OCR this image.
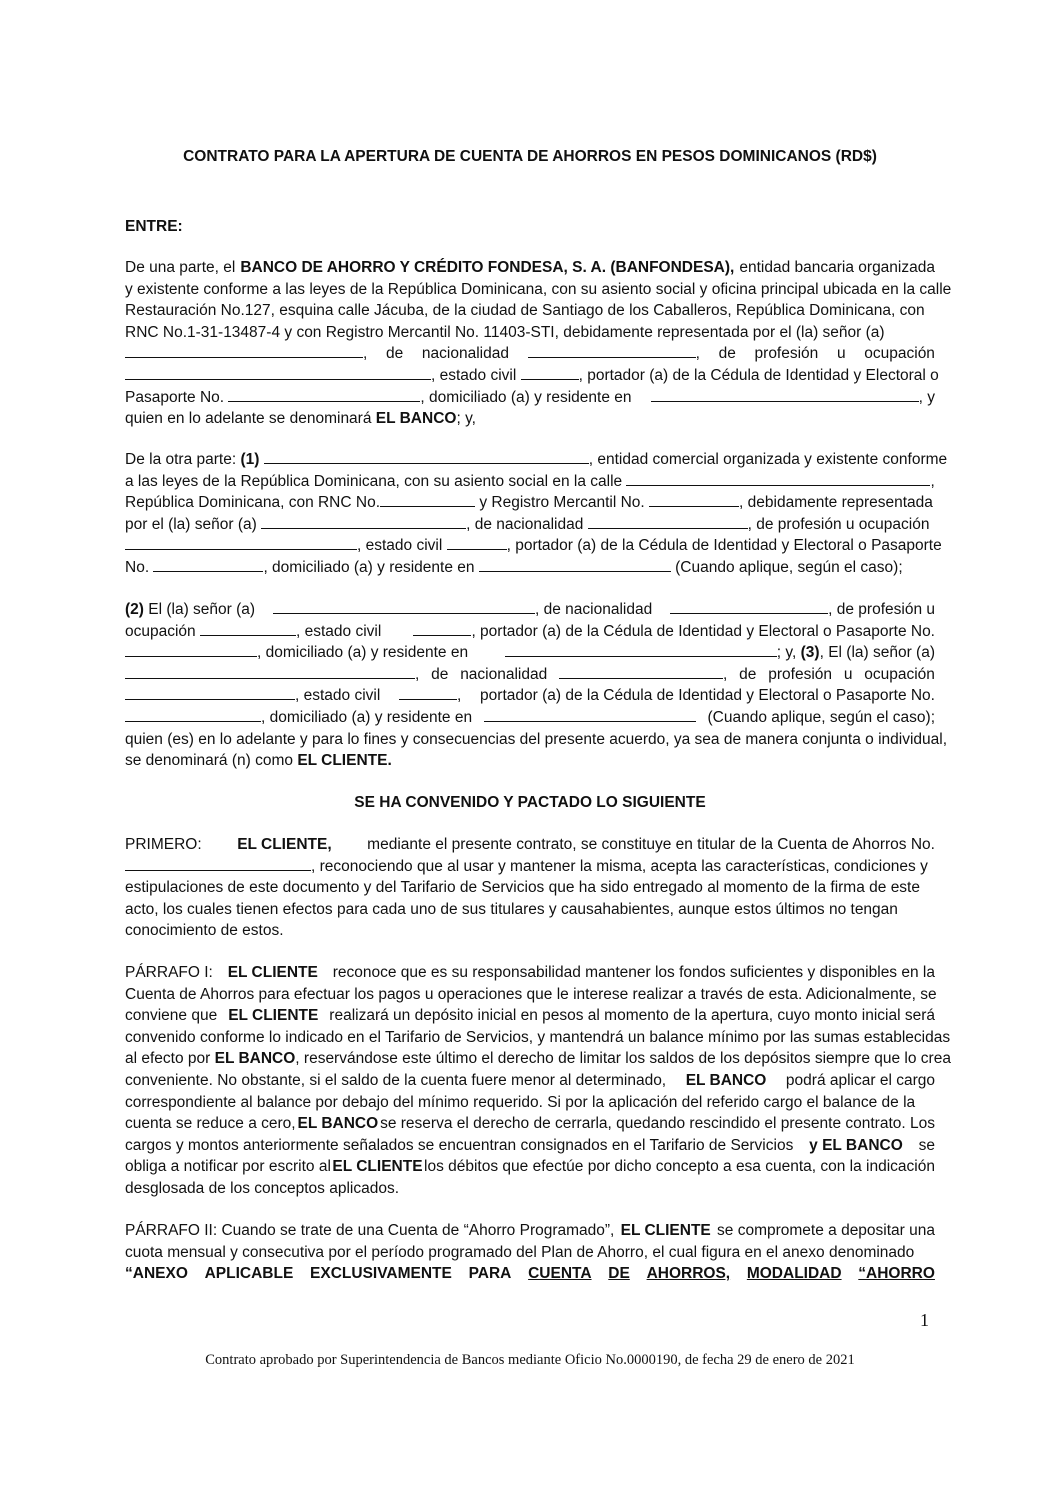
CONTRATO PARA LA APERTURA DE CUENTA DE AHORROS EN PESOS DOMINICANOS (RD$)
ENTRE:
De una parte, el BANCO DE AHORRO Y CRÉDITO FONDESA, S. A. (BANFONDESA), entidad bancaria organizada
y existente conforme a las leyes de la República Dominicana, con su asiento social y oficina principal ubicada en la calle
Restauración No.127, esquina calle Jácuba, de la ciudad de Santiago de los Caballeros, República Dominicana, con
RNC No.1-31-13487-4 y con Registro Mercantil No. 11403-STI, debidamente representada por el (la) señor (a)
, de nacionalidad	, de profesión u ocupación
, estado civil	, portador (a) de la Cédula de Identidad y Electoral o
Pasaporte No.	, domiciliado (a) y residente en	, y
quien en lo adelante se denominará EL BANCO; y,
De la otra parte: (1)	, entidad comercial organizada y existente conforme
a las leyes de la República Dominicana, con su asiento social en la calle	,
República Dominicana, con RNC No.	y Registro Mercantil No.	, debidamente representada
por el (la) señor (a)	, de nacionalidad	, de profesión u ocupación
, estado civil	, portador (a) de la Cédula de Identidad y Electoral o Pasaporte
No.	, domiciliado (a) y residente en	(Cuando aplique, según el caso);
(2) El (la) señor (a)	, de nacionalidad	, de profesión u
ocupación	, estado civil	, portador (a) de la Cédula de Identidad y Electoral o Pasaporte No.
, domiciliado (a) y residente en	; y, (3), El (la) señor (a)
, de nacionalidad	, de profesión u ocupación
, estado civil	, portador (a) de la Cédula de Identidad y Electoral o Pasaporte No.
, domiciliado (a) y residente en	(Cuando aplique, según el caso);
quien (es) en lo adelante y para lo fines y consecuencias del presente acuerdo, ya sea de manera conjunta o individual,
se denominará (n) como EL CLIENTE.
SE HA CONVENIDO Y PACTADO LO SIGUIENTE
PRIMERO: EL CLIENTE, mediante el presente contrato, se constituye en titular de la Cuenta de Ahorros No.
, reconociendo que al usar y mantener la misma, acepta las características, condiciones y
estipulaciones de este documento y del Tarifario de Servicios que ha sido entregado al momento de la firma de este
acto, los cuales tienen efectos para cada uno de sus titulares y causahabientes, aunque estos últimos no tengan
conocimiento de estos.
PÁRRAFO I: EL CLIENTE reconoce que es su responsabilidad mantener los fondos suficientes y disponibles en la
Cuenta de Ahorros para efectuar los pagos u operaciones que le interese realizar a través de esta. Adicionalmente, se
conviene que EL CLIENTE realizará un depósito inicial en pesos al momento de la apertura, cuyo monto inicial será
convenido conforme lo indicado en el Tarifario de Servicios, y mantendrá un balance mínimo por las sumas establecidas
al efecto por EL BANCO, reservándose este último el derecho de limitar los saldos de los depósitos siempre que lo crea
conveniente. No obstante, si el saldo de la cuenta fuere menor al determinado, EL BANCO podrá aplicar el cargo
correspondiente al balance por debajo del mínimo requerido. Si por la aplicación del referido cargo el balance de la
cuenta se reduce a cero, EL BANCO se reserva el derecho de cerrarla, quedando rescindido el presente contrato. Los
cargos y montos anteriormente señalados se encuentran consignados en el Tarifario de Servicios y EL BANCO se
obliga a notificar por escrito al EL CLIENTE los débitos que efectúe por dicho concepto a esa cuenta, con la indicación
desglosada de los conceptos aplicados.
PÁRRAFO II: Cuando se trate de una Cuenta de “Ahorro Programado”, EL CLIENTE se compromete a depositar una
cuota mensual y consecutiva por el período programado del Plan de Ahorro, el cual figura en el anexo denominado
“ANEXO APLICABLE EXCLUSIVAMENTE PARA CUENTA DE AHORROS, MODALIDAD “AHORRO
1
Contrato aprobado por Superintendencia de Bancos mediante Oficio No.0000190, de fecha 29 de enero de 2021
